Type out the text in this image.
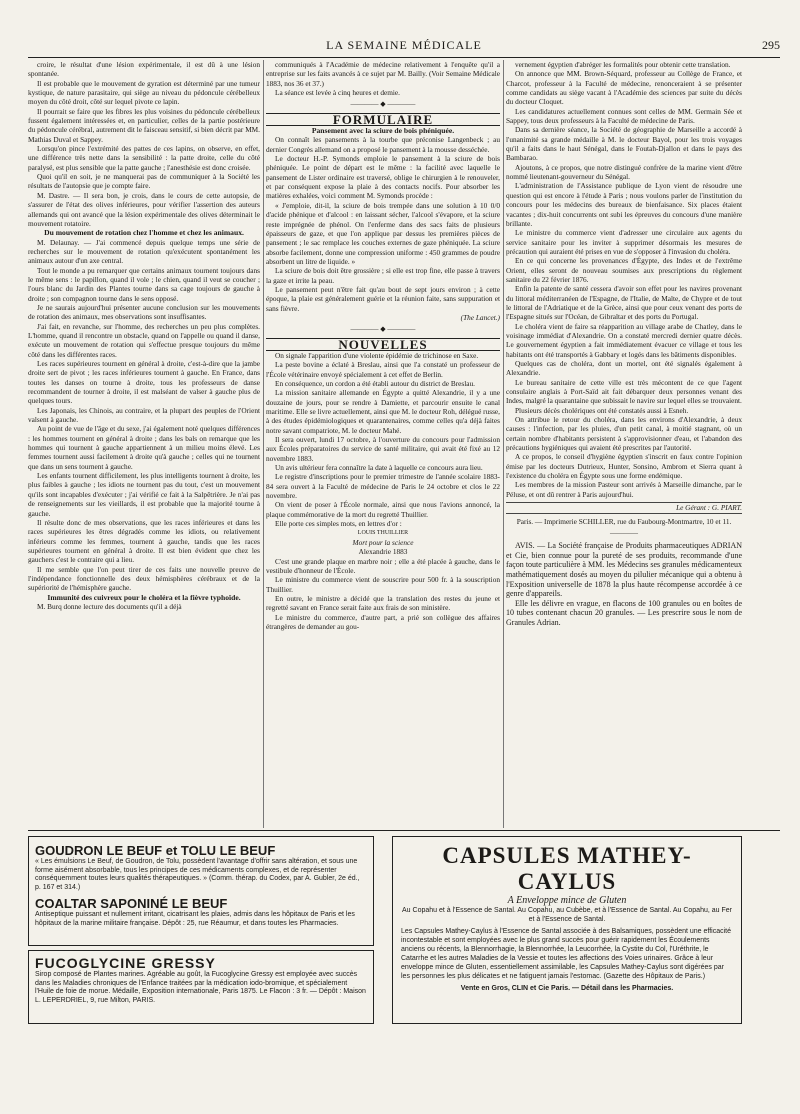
LA SEMAINE MÉDICALE	295

croire, le résultat d'une lésion expérimentale, il est dû à une lésion spontanée.

Il est probable que le mouvement de gyration est déterminé par une tumeur kystique, de nature parasitaire, qui siège au niveau du pédoncule cérébelleux moyen du côté droit, côté sur lequel pivote ce lapin.

Il pourrait se faire que les fibres les plus voisines du pédoncule cérébelleux fussent également intéressées et, en particulier, celles de la partie postérieure du pédoncule cérébral, autrement dit le faisceau sensitif, si bien décrit par MM. Mathias Duval et Sappey.

Lorsqu'on pince l'extrémité des pattes de ces lapins, on observe, en effet, une différence très nette dans la sensibilité : la patte droite, celle du côté paralysé, est plus sensible que la patte gauche ; l'anesthésie est donc croisée.

Quoi qu'il en soit, je ne manquerai pas de communiquer à la Société les résultats de l'autopsie que je compte faire.

M. Dastre. — Il sera bon, je crois, dans le cours de cette autopsie, de s'assurer de l'état des olives inférieures, pour vérifier l'assertion des auteurs allemands qui ont avancé que la lésion expérimentale des olives déterminait le mouvement rotatoire.

Du mouvement de rotation chez l'homme et chez les animaux.

M. Delaunay. — J'ai commencé depuis quelque temps une série de recherches sur le mouvement de rotation qu'exécutent spontanément les animaux autour d'un axe central.

Tout le monde a pu remarquer que certains animaux tournent toujours dans le même sens : le papillon, quand il vole ; le chien, quand il veut se coucher ; l'ours blanc du Jardin des Plantes tourne dans sa cage toujours de gauche à droite ; son compagnon tourne dans le sens opposé.

Je ne saurais aujourd'hui présenter aucune conclusion sur les mouvements de rotation des animaux, mes observations sont insuffisantes.

J'ai fait, en revanche, sur l'homme, des recherches un peu plus complètes. L'homme, quand il rencontre un obstacle, quand on l'appelle ou quand il danse, exécute un mouvement de rotation qui s'effectue presque toujours du même côté dans les différentes races.

Les races supérieures tournent en général à droite, c'est-à-dire que la jambe droite sert de pivot ; les races inférieures tournent à gauche. En France, dans toutes les danses on tourne à droite, tous les professeurs de danse recommandent de tourner à droite, il est malséant de valser à gauche plus de quelques tours.

Les Japonais, les Chinois, au contraire, et la plupart des peuples de l'Orient valsent à gauche.

Au point de vue de l'âge et du sexe, j'ai également noté quelques différences : les hommes tournent en général à droite ; dans les bals on remarque que les hommes qui tournent à gauche appartiennent à un milieu moins élevé. Les femmes tournent aussi facilement à droite qu'à gauche ; celles qui ne tournent que dans un sens tournent à gauche.

Les enfants tournent difficilement, les plus intelligents tournent à droite, les plus faibles à gauche ; les idiots ne tournent pas du tout, c'est un mouvement qu'ils sont incapables d'exécuter ; j'ai vérifié ce fait à la Salpêtrière. Je n'ai pas de renseignements sur les vieillards, il est probable que la majorité tourne à gauche.

Il résulte donc de mes observations, que les races inférieures et dans les races supérieures les êtres dégradés comme les idiots, ou relativement inférieurs comme les femmes, tournent à gauche, tandis que les races supérieures tournent en général à droite. Il est bien évident que chez les gauchers c'est le contraire qui a lieu.

Il me semble que l'on peut tirer de ces faits une nouvelle preuve de l'indépendance fonctionnelle des deux hémisphères cérébraux et de la supériorité de l'hémisphère gauche.

Immunité des cuivreux pour le choléra et la fièvre typhoïde.

M. Burq donne lecture des documents qu'il a déjà

communiqués à l'Académie de médecine relativement à l'enquête qu'il a entreprise sur les faits avancés à ce sujet par M. Bailly. (Voir Semaine Médicale 1883, nos 36 et 37.)

La séance est levée à cinq heures et demie.

———— ◆ ————

FORMULAIRE

Pansement avec la sciure de bois phéniquée.

On connaît les pansements à la tourbe que préconise Langenbeck ; au dernier Congrès allemand on a proposé le pansement à la mousse desséchée.

Le docteur H.-P. Symonds emploie le pansement à la sciure de bois phéniquée. Le point de départ est le même : la facilité avec laquelle le pansement de Lister ordinaire est traversé, oblige le chirurgien à le renouveler, et par conséquent expose la plaie à des contacts nocifs. Pour absorber les matières exhalées, voici comment M. Symonds procède :

« J'emploie, dit-il, la sciure de bois trempée dans une solution à 10 0/0 d'acide phénique et d'alcool : en laissant sécher, l'alcool s'évapore, et la sciure reste imprégnée de phénol. On l'enferme dans des sacs faits de plusieurs épaisseurs de gaze, et que l'on applique par dessus les premières pièces de pansement ; le sac remplace les couches externes de gaze phéniquée. La sciure absorbe facilement, donne une compression uniforme : 450 grammes de poudre absorbent un litre de liquide. »

La sciure de bois doit être grossière ; si elle est trop fine, elle passe à travers la gaze et irrite la peau.

Le pansement peut n'être fait qu'au bout de sept jours environ ; à cette époque, la plaie est généralement guérie et la réunion faite, sans suppuration et sans fièvre.

(The Lancet.)

———— ◆ ————

NOUVELLES

On signale l'apparition d'une violente épidémie de trichinose en Saxe.

La peste bovine a éclaté à Breslau, ainsi que l'a constaté un professeur de l'École vétérinaire envoyé spécialement à cet effet de Berlin.

En conséquence, un cordon a été établi autour du district de Breslau.

La mission sanitaire allemande en Égypte a quitté Alexandrie, il y a une douzaine de jours, pour se rendre à Damiette, et parcourir ensuite le canal maritime. Elle se livre actuellement, ainsi que M. le docteur Roh, délégué russe, à des études épidémiologiques et quarantenaires, comme celles qu'a déjà faites notre savant compatriote, M. le docteur Mahé.

Il sera ouvert, lundi 17 octobre, à l'ouverture du concours pour l'admission aux Écoles préparatoires du service de santé militaire, qui avait été fixé au 12 novembre 1883.

Un avis ultérieur fera connaître la date à laquelle ce concours aura lieu.

Le registre d'inscriptions pour le premier trimestre de l'année scolaire 1883-84 sera ouvert à la Faculté de médecine de Paris le 24 octobre et clos le 22 novembre.

On vient de poser à l'École normale, ainsi que nous l'avions annoncé, la plaque commémorative de la mort du regretté Thuillier.

Elle porte ces simples mots, en lettres d'or :

LOUIS THUILLIER

Mort pour la science

Alexandrie 1883

C'est une grande plaque en marbre noir ; elle a été placée à gauche, dans le vestibule d'honneur de l'École.

Le ministre du commerce vient de souscrire pour 500 fr. à la souscription Thuillier.

En outre, le ministre a décidé que la translation des restes du jeune et regretté savant en France serait faite aux frais de son ministère.

Le ministre du commerce, d'autre part, a prié son collègue des affaires étrangères de demander au gou-

vernement égyptien d'abréger les formalités pour obtenir cette translation.

On annonce que MM. Brown-Séquard, professeur au Collège de France, et Charcot, professeur à la Faculté de médecine, renonceraient à se présenter comme candidats au siège vacant à l'Académie des sciences par suite du décès du docteur Cloquet.

Les candidatures actuellement connues sont celles de MM. Germain Sée et Sappey, tous deux professeurs à la Faculté de médecine de Paris.

Dans sa dernière séance, la Société de géographie de Marseille a accordé à l'unanimité sa grande médaille à M. le docteur Bayol, pour les trois voyages qu'il a faits dans le haut Sénégal, dans le Foutah-Djallon et dans le pays des Bambarao.

Ajoutons, à ce propos, que notre distingué confrère de la marine vient d'être nommé lieutenant-gouverneur du Sénégal.

L'administration de l'Assistance publique de Lyon vient de résoudre une question qui est encore à l'étude à Paris ; nous voulons parler de l'institution du concours pour les médecins des bureaux de bienfaisance. Six places étaient vacantes ; dix-huit concurrents ont subi les épreuves du concours d'une manière brillante.

Le ministre du commerce vient d'adresser une circulaire aux agents du service sanitaire pour les inviter à supprimer désormais les mesures de précaution qui auraient été prises en vue de s'opposer à l'invasion du choléra.

En ce qui concerne les provenances d'Égypte, des Indes et de l'extrême Orient, elles seront de nouveau soumises aux prescriptions du règlement sanitaire du 22 février 1876.

Enfin la patente de santé cessera d'avoir son effet pour les navires provenant du littoral méditerranéen de l'Espagne, de l'Italie, de Malte, de Chypre et de tout le littoral de l'Adriatique et de la Grèce, ainsi que pour ceux venant des ports de l'Espagne situés sur l'Océan, de Gibraltar et des ports du Portugal.

Le choléra vient de faire sa réapparition au village arabe de Chatley, dans le voisinage immédiat d'Alexandrie. On a constaté mercredi dernier quatre décès. Le gouvernement égyptien a fait immédiatement évacuer ce village et tous les habitants ont été transportés à Gabbary et logés dans les bâtiments disponibles.

Quelques cas de choléra, dont un mortel, ont été signalés également à Alexandrie.

Le bureau sanitaire de cette ville est très mécontent de ce que l'agent consulaire anglais à Port-Saïd ait fait débarquer deux personnes venant des Indes, malgré la quarantaine que subissait le navire sur lequel elles se trouvaient.

Plusieurs décès cholériques ont été constatés aussi à Esneh.

On attribue le retour du choléra, dans les environs d'Alexandrie, à deux causes : l'infection, par les pluies, d'un petit canal, à moitié stagnant, où un certain nombre d'habitants persistent à s'approvisionner d'eau, et l'abandon des précautions hygiéniques qui avaient été prescrites par l'autorité.

A ce propos, le conseil d'hygiène égyptien s'inscrit en faux contre l'opinion émise par les docteurs Dutrieux, Hunter, Sonsino, Ambrom et Sierra quant à l'existence du choléra en Égypte sous une forme endémique.

Les membres de la mission Pasteur sont arrivés à Marseille dimanche, par le Péluse, et ont dû rentrer à Paris aujourd'hui.

Le Gérant : G. PIART.

Paris. — Imprimerie SCHILLER, rue du Faubourg-Montmartre, 10 et 11.

————

AVIS. — La Société française de Produits pharmaceutiques ADRIAN et Cie, bien connue pour la pureté de ses produits, recommande d'une façon toute particulière à MM. les Médecins ses granules médicamenteux mathématiquement dosés au moyen du pilulier mécanique qui a obtenu à l'Exposition universelle de 1878 la plus haute récompense accordée à ce genre d'appareils.

Elle les délivre en vrague, en flacons de 100 granules ou en boîtes de 10 tubes contenant chacun 20 granules. — Les prescrire sous le nom de Granules Adrian.

GOUDRON LE BEUF et TOLU LE BEUF
« Les émulsions Le Beuf, de Goudron, de Tolu, possèdent l'avantage d'offrir sans altération, et sous une forme aisément absorbable, tous les principes de ces médicaments complexes, et de représenter conséquemment toutes leurs qualités thérapeutiques. » (Comm. thérap. du Codex, par A. Gubler, 2e éd., p. 167 et 314.)
COALTAR SAPONINÉ LE BEUF
Antiseptique puissant et nullement irritant, cicatrisant les plaies, admis dans les hôpitaux de Paris et les hôpitaux de la marine militaire française. Dépôt : 25, rue Réaumur, et dans toutes les Pharmacies.
FUCOGLYCINE GRESSY
Sirop composé de Plantes marines. Agréable au goût, la Fucoglycine Gressy est employée avec succès dans les Maladies chroniques de l'Enfance traitées par la médication iodo-bromique, et spécialement l'Huile de foie de morue. Médaille, Exposition internationale, Paris 1875. Le Flacon : 3 fr. — Dépôt : Maison L. LEPERDRIEL, 9, rue Milton, PARIS.
CAPSULES MATHEY-CAYLUS
A Enveloppe mince de Gluten
Au Copahu et à l'Essence de Santal. Au Copahu, au Cubèbe, et à l'Essence de Santal. Au Copahu, au Fer et à l'Essence de Santal.
Les Capsules Mathey-Caylus à l'Essence de Santal associée à des Balsamiques, possèdent une efficacité incontestable et sont employées avec le plus grand succès pour guérir rapidement les Écoulements anciens ou récents, la Blennorrhagie, la Blennorrhée, la Leucorrhée, la Cystite du Col, l'Uréthrite, le Catarrhe et les autres Maladies de la Vessie et toutes les affections des Voies urinaires. Grâce à leur enveloppe mince de Gluten, essentiellement assimilable, les Capsules Mathey-Caylus sont digérées par les personnes les plus délicates et ne fatiguent jamais l'estomac. (Gazette des Hôpitaux de Paris.)
Vente en Gros, CLIN et Cie Paris. — Détail dans les Pharmacies.
